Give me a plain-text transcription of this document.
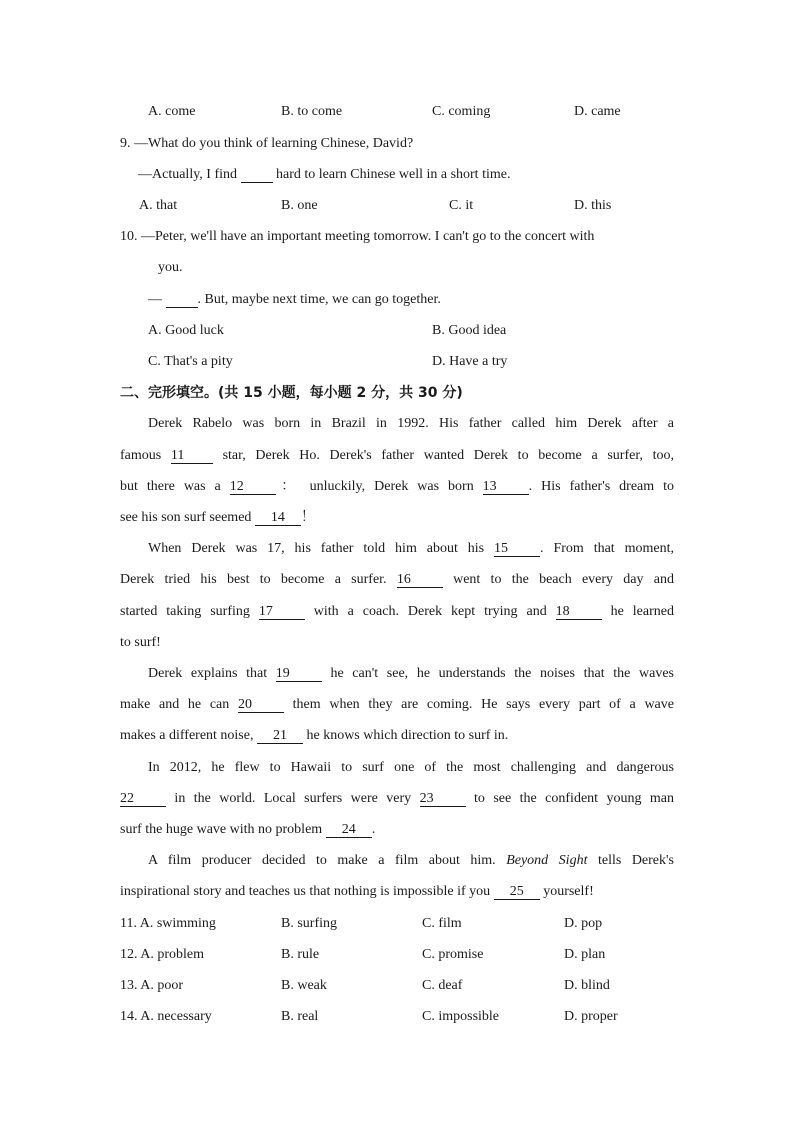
A. come	B. to come	C. coming	D. came
9. —What do you think of learning Chinese, David?
—Actually, I find   hard to learn Chinese well in a short time.
A. that	B. one	C. it	D. this
10. —Peter, we'll have an important meeting tomorrow. I can't go to the concert with
you.
—  . But, maybe next time, we can go together.
A. Good luck	B. Good idea
C. That's a pity	D. Have a try
二、完形填空。(共 15 小题，每小题 2 分，共 30 分)
Derek Rabelo was born in Brazil in 1992. His father called him Derek after a
famous 11 star, Derek Ho. Derek's father wanted Derek to become a surfer, too,
but there was a 12 ： unluckily, Derek was born 13 . His father's dream to
see his son surf seemed 14 ！
When Derek was 17, his father told him about his 15 . From that moment,
Derek tried his best to become a surfer. 16 went to the beach every day and
started taking surfing 17 with a coach. Derek kept trying and 18 he learned
to surf!
Derek explains that 19 he can't see, he understands the noises that the waves
make and he can 20 them when they are coming. He says every part of a wave
makes a different noise, 21 he knows which direction to surf in.
In 2012, he flew to Hawaii to surf one of the most challenging and dangerous
22 in the world. Local surfers were very 23 to see the confident young man
surf the huge wave with no problem 24 .
A film producer decided to make a film about him. Beyond Sight tells Derek's
inspirational story and teaches us that nothing is impossible if you 25 yourself!
11. A. swimming	B. surfing	C. film	D. pop
12. A. problem	B. rule	C. promise	D. plan
13. A. poor	B. weak	C. deaf	D. blind
14. A. necessary	B. real	C. impossible	D. proper
